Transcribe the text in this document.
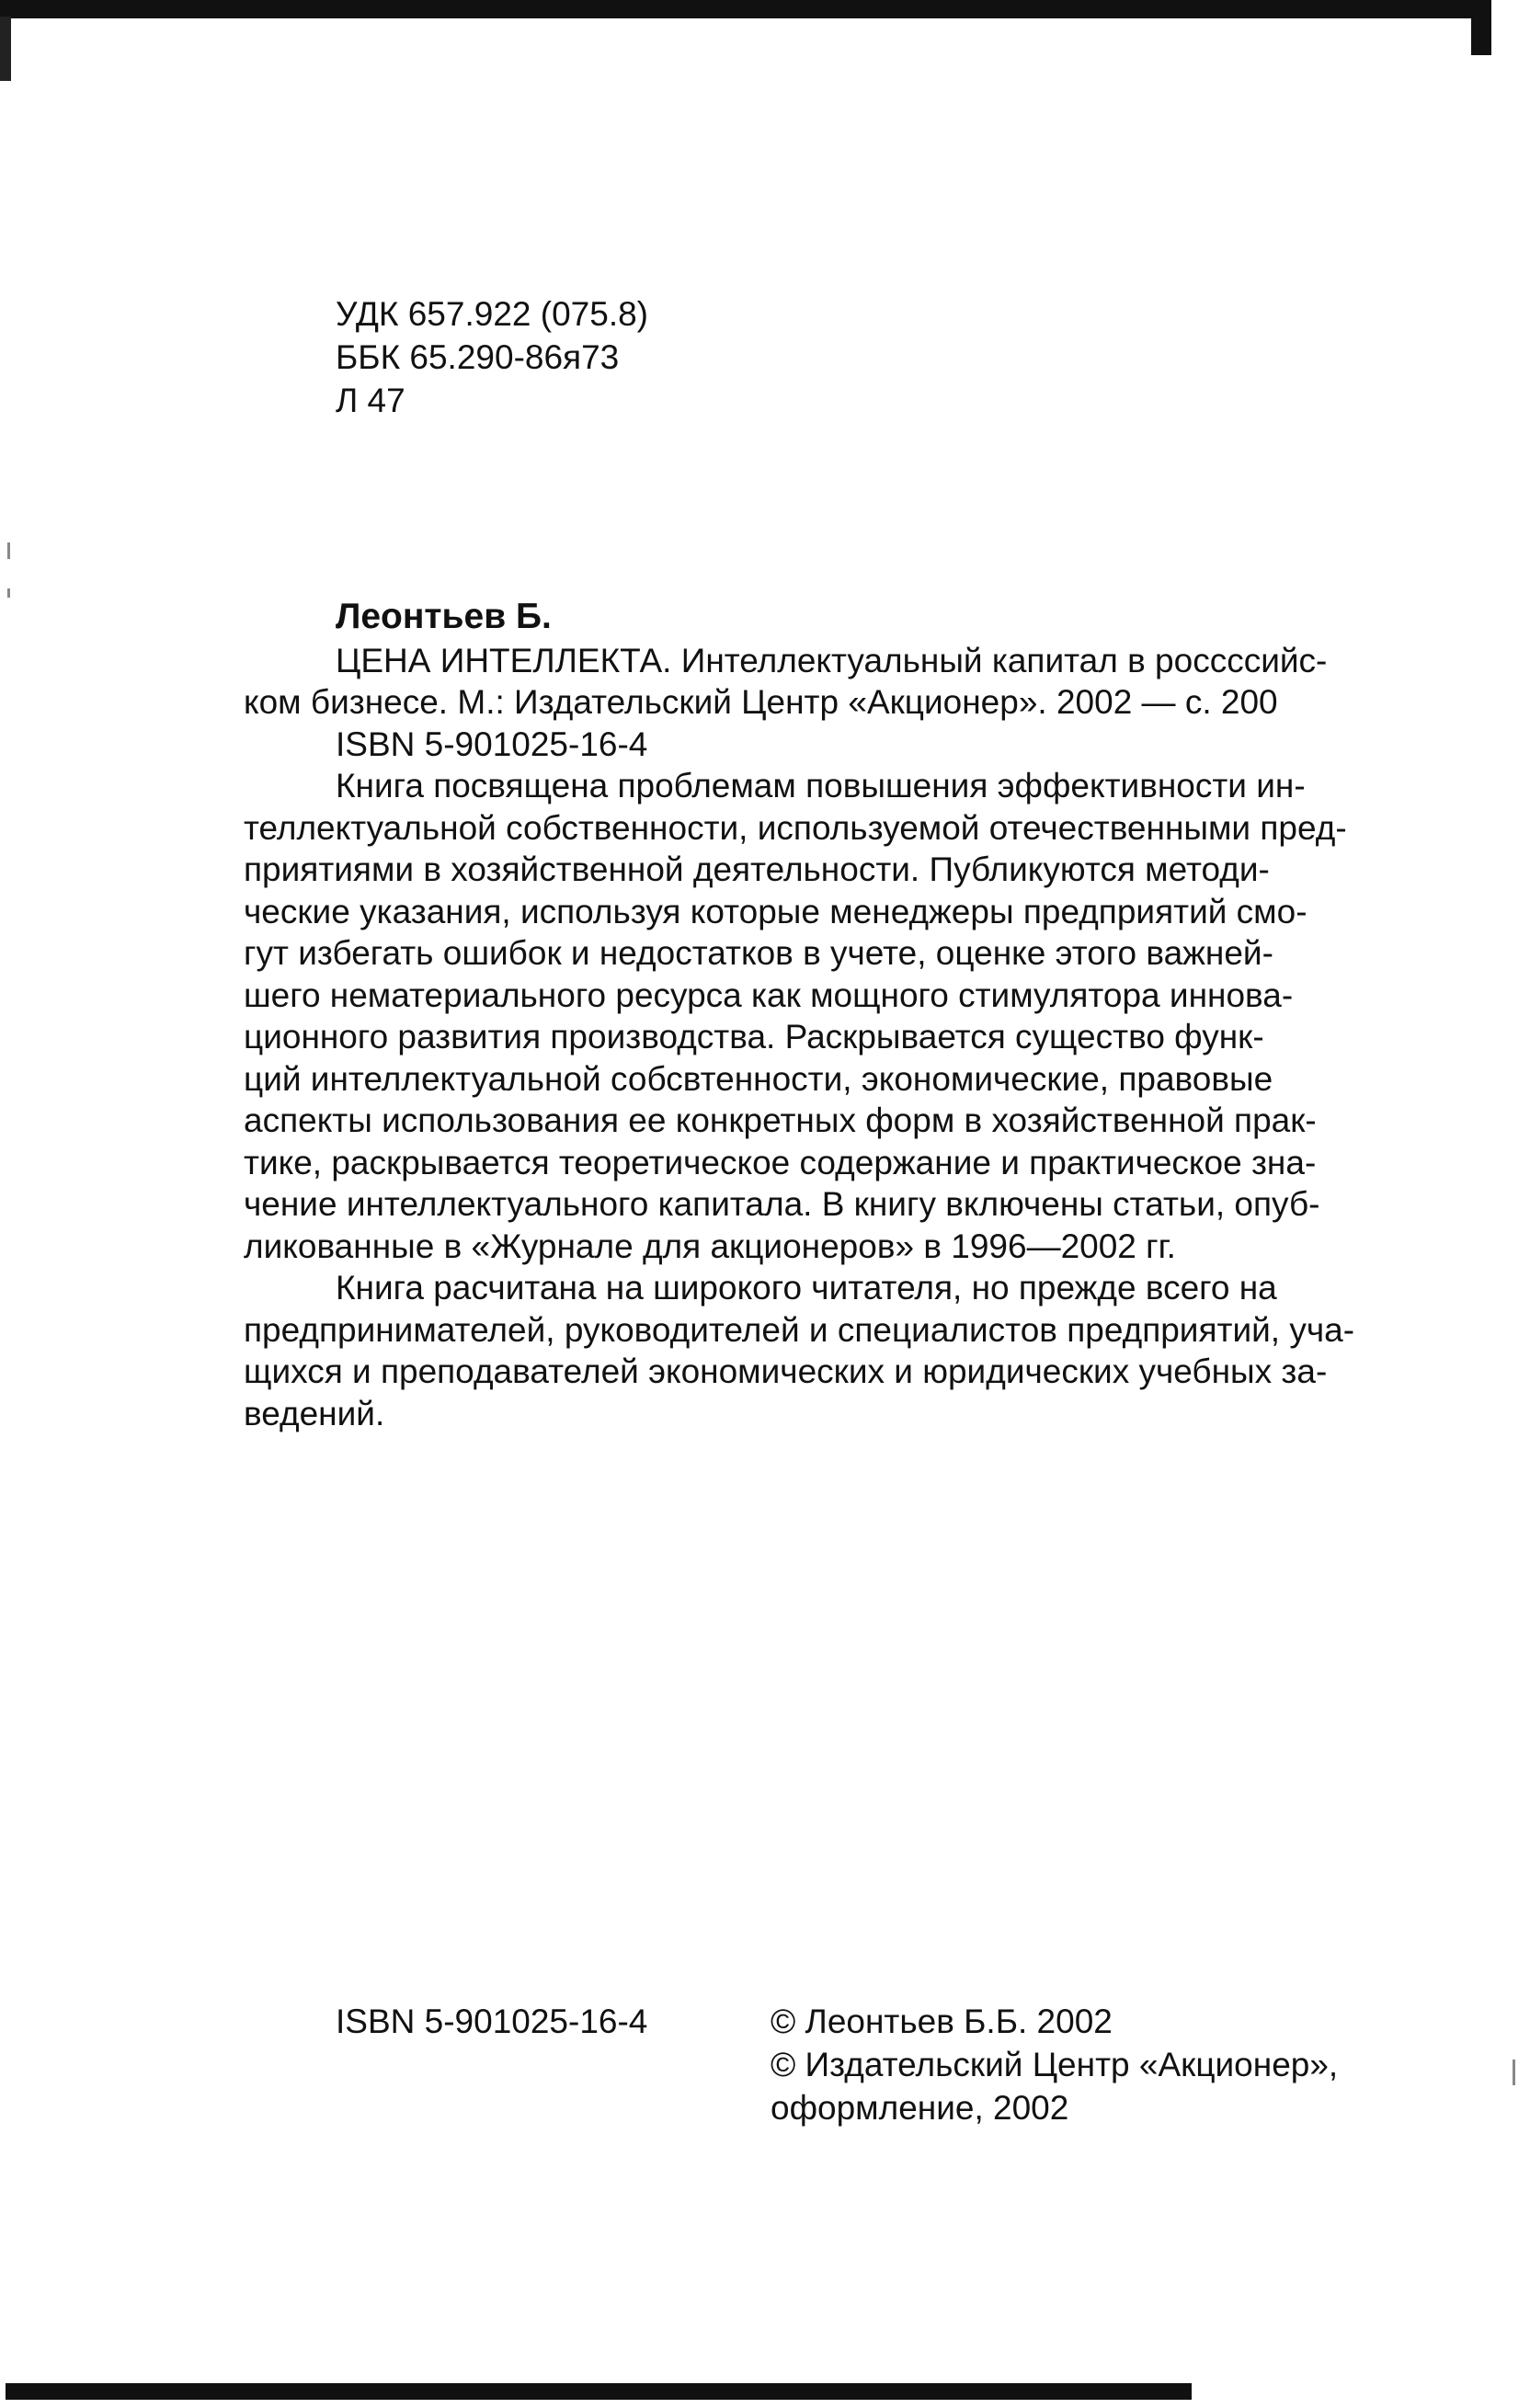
УДК 657.922 (075.8)
ББК 65.290-86я73
Л 47
Леонтьев Б.
ЦЕНА ИНТЕЛЛЕКТА. Интеллектуальный капитал в россcсийс-
ком бизнесе. М.: Издательский Центр «Акционер». 2002 — с. 200
ISBN 5-901025-16-4
Книга посвящена проблемам повышения эффективности ин-
теллектуальной собственности, используемой отечественными пред-
приятиями в хозяйственной деятельности. Публикуются методи-
ческие указания, используя которые менеджеры предприятий смо-
гут избегать ошибок и недостатков в учете, оценке этого важней-
шего нематериального ресурса как мощного стимулятора иннова-
ционного развития производства. Раскрывается существо функ-
ций интеллектуальной собсвтенности, экономические, правовые
аспекты использования ее конкретных форм в хозяйственной прак-
тике, раскрывается теоретическое содержание и практическое зна-
чение интеллектуального капитала. В книгу включены статьи, опуб-
ликованные в «Журнале для акционеров» в 1996—2002 гг.
Книга расчитана на широкого читателя, но прежде всего на
предпринимателей, руководителей и специалистов предприятий, уча-
щихся и преподавателей экономических и юридических учебных за-
ведений.
ISBN 5-901025-16-4	© Леонтьев Б.Б. 2002
© Издательский Центр «Акционер»,
оформление, 2002
